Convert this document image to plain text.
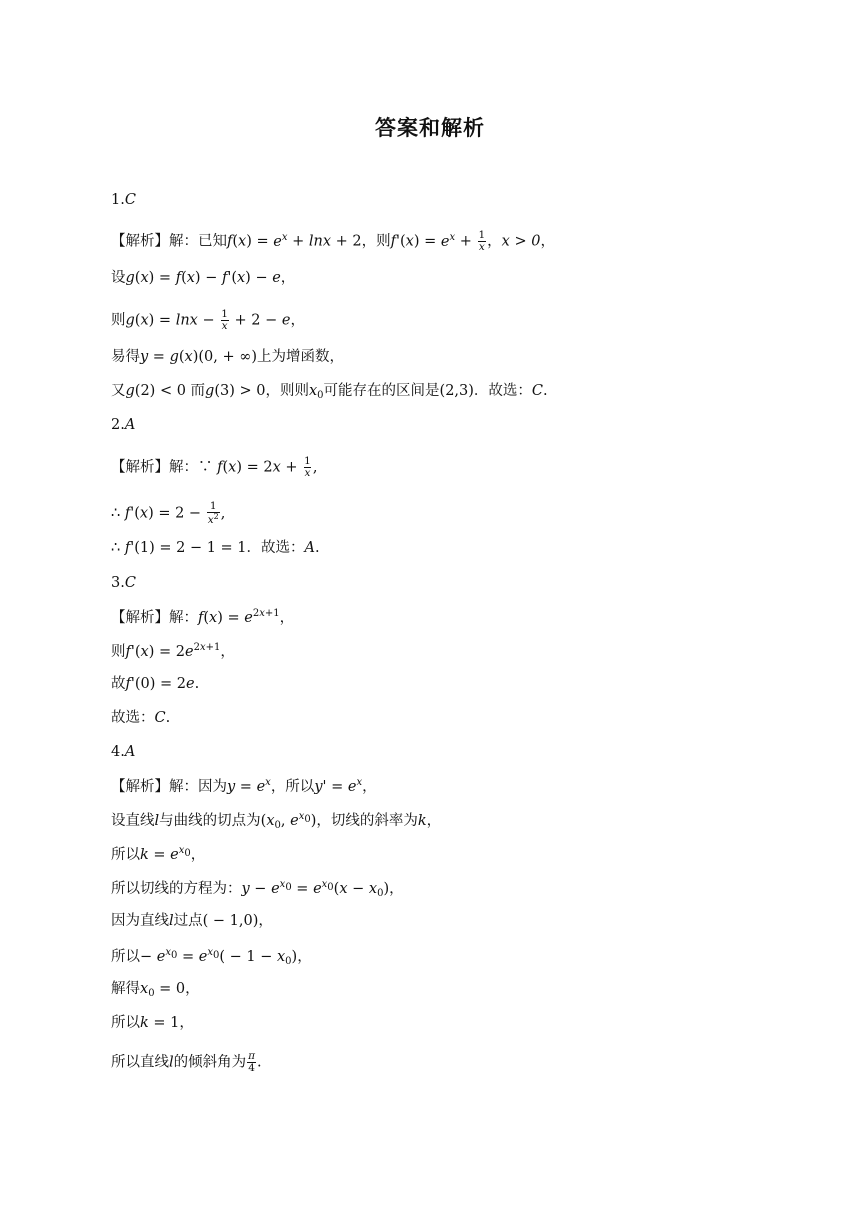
答案和解析
1.C
【解析】解：已知$f(x) = e^x + \ln x + 2$，则$f'(x) = e^x + \frac{1}{x}$ ，x > 0，
设g(x) = f(x) − f'(x) − e，
则$g(x) = \ln x - \frac{1}{x} + 2 - e$，
易得y = g(x)(0, + ∞)上为增函数，
又g(2) < 0 而g(3) > 0，则则$x_0$可能存在的区间是(2,3)．故选：C.
2.A
【解析】解：∵ $f(x) = 2x + \frac{1}{x}$ ,
∴ $f'(x) = 2 - \frac{1}{x^2}$ ,
∴ f'(1) = 2 − 1 = 1．故选：A.
3.C
【解析】解：$f(x) = e^{2x+1}$，
则$f'(x) = 2e^{2x+1}$，
故f'(0) = 2e.
故选：C.
4.A
【解析】解：因为$y = e^x$，所以$y' = e^x$，
设直线l与曲线的切点为($x_0$, $e^{x_0}$)，切线的斜率为k，
所以$k = e^{x_0}$，
所以切线的方程为：$y - e^{x_0} = e^{x_0}(x - x_0)$，
因为直线l过点( − 1,0)，
所以− $e^{x_0} = e^{x_0}( - 1 - x_0)$，
解得$x_0 = 0$，
所以k = 1，
所以直线l的倾斜角为 $\frac{\pi}{4}$ .
